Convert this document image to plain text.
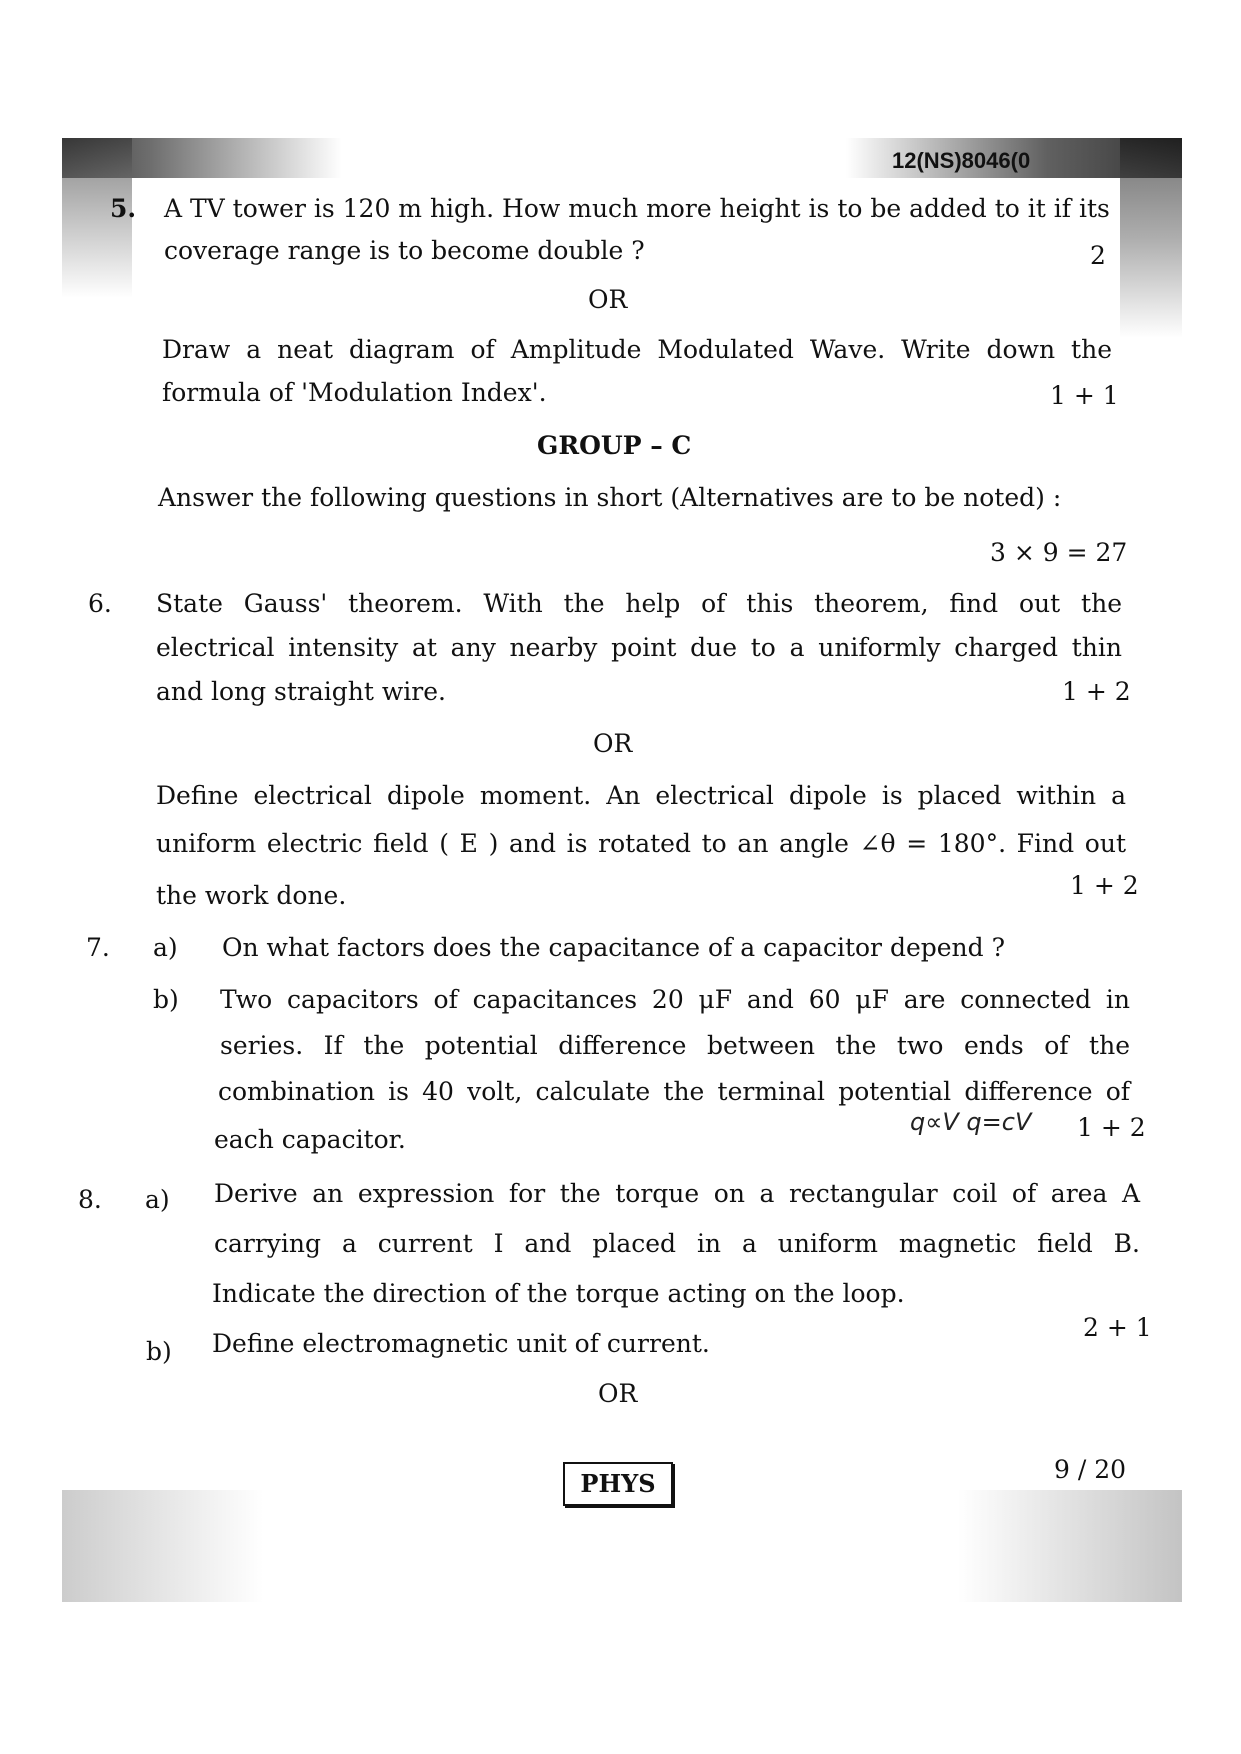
12(NS)8046(0
5. A TV tower is 120 m high. How much more height is to be added to it if its
coverage range is to become double ?	2
OR
Draw a neat diagram of Amplitude Modulated Wave. Write down the
formula of 'Modulation Index'.	1 + 1
GROUP – C
Answer the following questions in short (Alternatives are to be noted) :
3 × 9 = 27
6. State Gauss' theorem. With the help of this theorem, find out the
electrical intensity at any nearby point due to a uniformly charged thin
and long straight wire.	1 + 2
OR
Define electrical dipole moment. An electrical dipole is placed within a
uniform electric field ( E ) and is rotated to an angle ∠θ = 180°. Find out
the work done.	1 + 2
7. a) On what factors does the capacitance of a capacitor depend ?
b) Two capacitors of capacitances 20 μF and 60 μF are connected in
series. If the potential difference between the two ends of the
combination is 40 volt, calculate the terminal potential difference of
each capacitor.
q∝V q=cV 1 + 2
8. a) Derive an expression for the torque on a rectangular coil of area A
carrying a current I and placed in a uniform magnetic field B.
Indicate the direction of the torque acting on the loop.
2 + 1
b) Define electromagnetic unit of current.
OR
PHYS	9 / 20
